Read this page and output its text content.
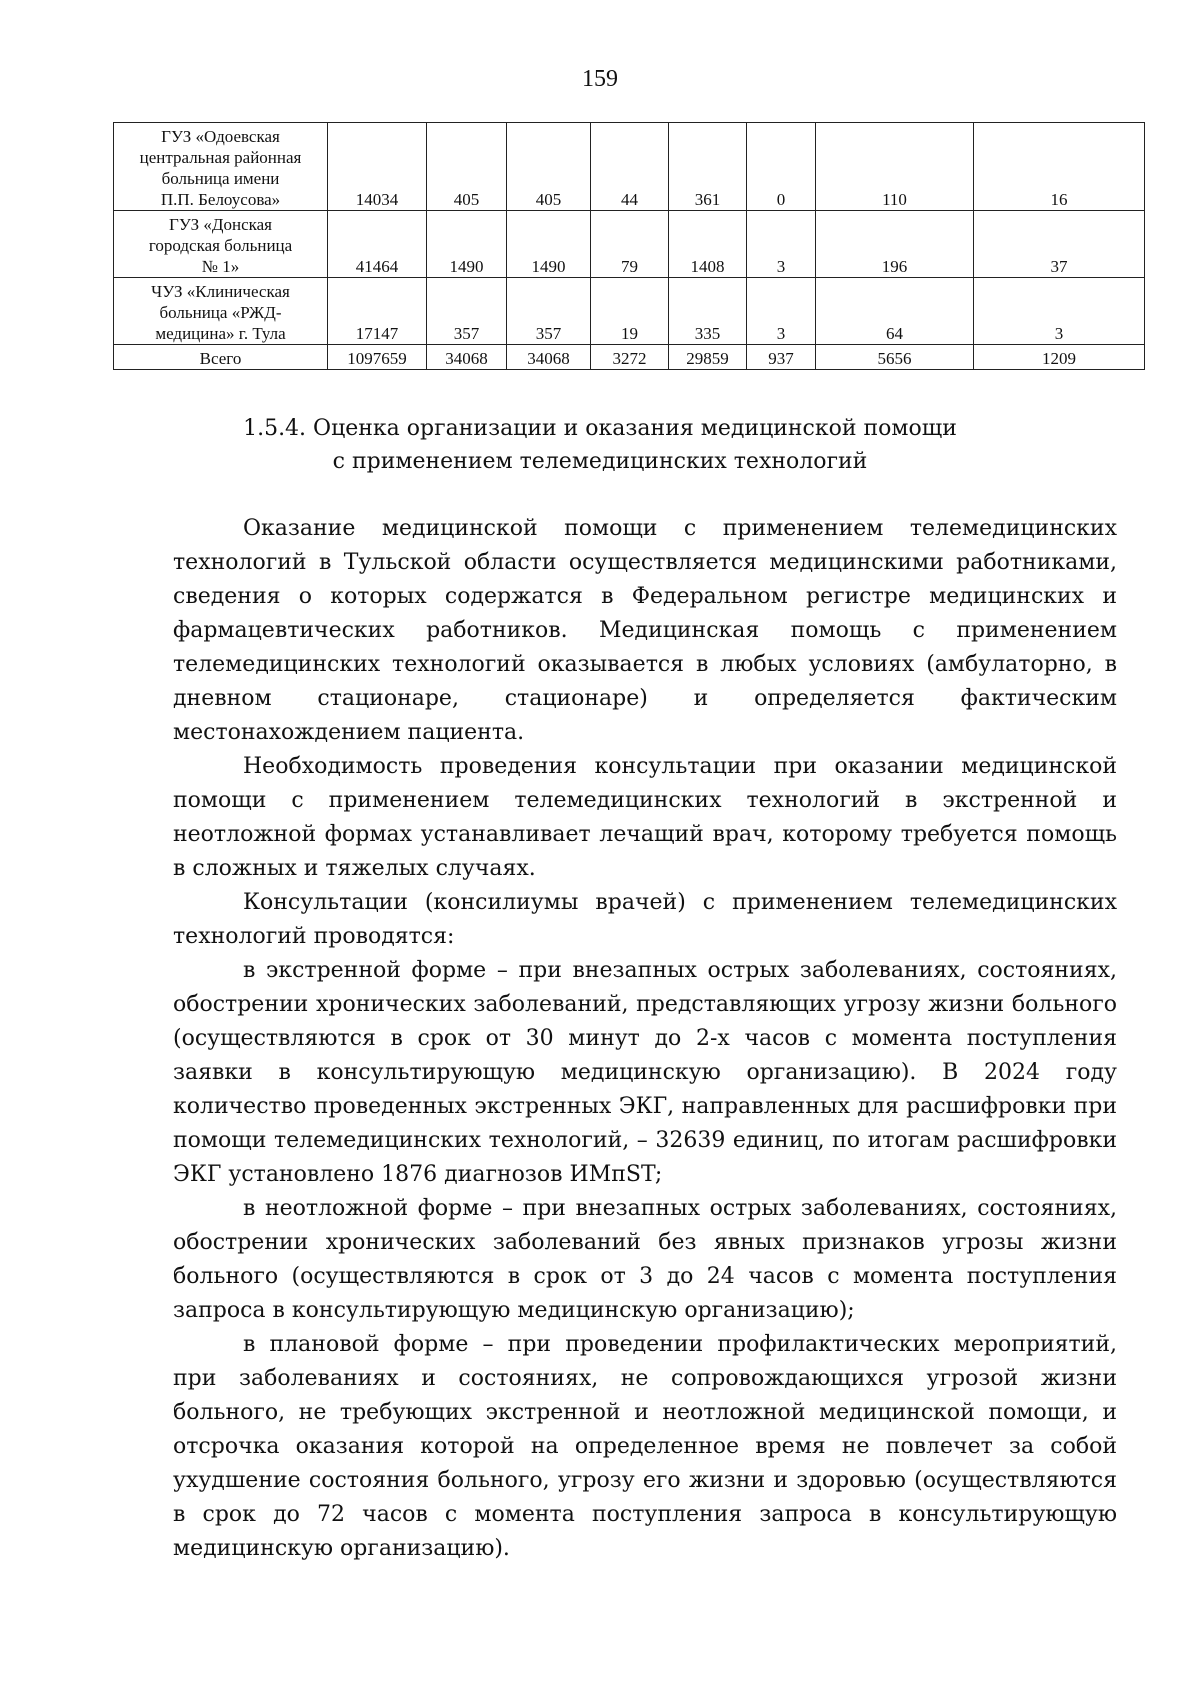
159
ГУЗ «Одоевская
центральная районная
больница имени
П.П. Белоусова»	14034	405	405	44	361	0	110	16

ГУЗ «Донская
городская больница
№ 1»	41464	1490	1490	79	1408	3	196	37

ЧУЗ «Клиническая
больница «РЖД-
медицина» г. Тула	17147	357	357	19	335	3	64	3

Всего	1097659	34068	34068	3272	29859	937	5656	1209
1.5.4. Оценка организации и оказания медицинской помощи
с применением телемедицинских технологий

Оказание медицинской помощи с применением телемедицинских технологий в Тульской области осуществляется медицинскими работниками, сведения о которых содержатся в Федеральном регистре медицинских и фармацевтических работников. Медицинская помощь с применением телемедицинских технологий оказывается в любых условиях (амбулаторно, в дневном стационаре, стационаре) и определяется фактическим местонахождением пациента.

Необходимость проведения консультации при оказании медицинской помощи с применением телемедицинских технологий в экстренной и неотложной формах устанавливает лечащий врач, которому требуется помощь в сложных и тяжелых случаях.

Консультации (консилиумы врачей) с применением телемедицинских технологий проводятся:

в экстренной форме – при внезапных острых заболеваниях, состояниях, обострении хронических заболеваний, представляющих угрозу жизни больного (осуществляются в срок от 30 минут до 2-х часов с момента поступления заявки в консультирующую медицинскую организацию). В 2024 году количество проведенных экстренных ЭКГ, направленных для расшифровки при помощи телемедицинских технологий, – 32639 единиц, по итогам расшифровки ЭКГ установлено 1876 диагнозов ИМпST;

в неотложной форме – при внезапных острых заболеваниях, состояниях, обострении хронических заболеваний без явных признаков угрозы жизни больного (осуществляются в срок от 3 до 24 часов с момента поступления запроса в консультирующую медицинскую организацию);

в плановой форме – при проведении профилактических мероприятий, при заболеваниях и состояниях, не сопровождающихся угрозой жизни больного, не требующих экстренной и неотложной медицинской помощи, и отсрочка оказания которой на определенное время не повлечет за собой ухудшение состояния больного, угрозу его жизни и здоровью (осуществляются в срок до 72 часов с момента поступления запроса в консультирующую медицинскую организацию).
